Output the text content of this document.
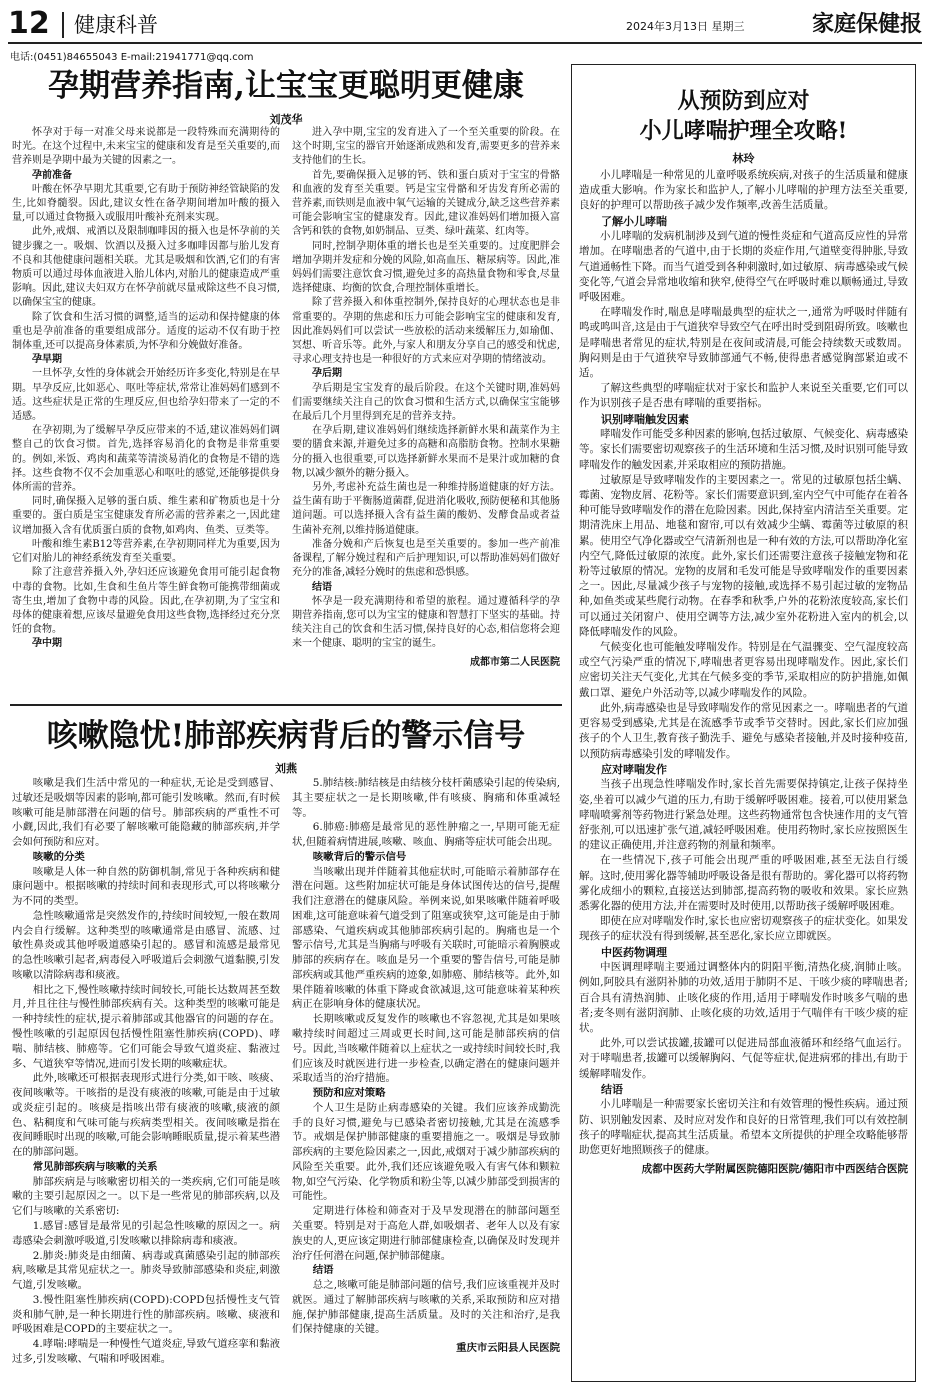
12 健康科普	2024年3月13日 星期三	家庭保健报
电话:(0451)84655043 E-mail:21941771@qq.com
孕期营养指南,让宝宝更聪明更健康
刘茂华

怀孕对于每一对准父母来说都是一段特殊而充满期待的时光。在这个过程中,未来宝宝的健康和发育是至关重要的,而营养则是孕期中最为关键的因素之一。

孕前准备

叶酸在怀孕早期尤其重要,它有助于预防神经管缺陷的发生,比如脊髓裂。因此,建议女性在备孕期间增加叶酸的摄入量,可以通过食物摄入或服用叶酸补充剂来实现。

此外,戒烟、戒酒以及限制咖啡因的摄入也是怀孕前的关键步骤之一。吸烟、饮酒以及摄入过多咖啡因都与胎儿发育不良和其他健康问题相关联。尤其是吸烟和饮酒,它们的有害物质可以通过母体血液进入胎儿体内,对胎儿的健康造成严重影响。因此,建议夫妇双方在怀孕前就尽量戒除这些不良习惯,以确保宝宝的健康。

除了饮食和生活习惯的调整,适当的运动和保持健康的体重也是孕前准备的重要组成部分。适度的运动不仅有助于控制体重,还可以提高身体素质,为怀孕和分娩做好准备。

孕早期

一旦怀孕,女性的身体就会开始经历许多变化,特别是在早期。早孕反应,比如恶心、呕吐等症状,常常让准妈妈们感到不适。这些症状是正常的生理反应,但也给孕妇带来了一定的不适感。

在孕初期,为了缓解早孕反应带来的不适,建议准妈妈们调整自己的饮食习惯。首先,选择容易消化的食物是非常重要的。例如,米饭、鸡肉和蔬菜等清淡易消化的食物是不错的选择。这些食物不仅不会加重恶心和呕吐的感觉,还能够提供身体所需的营养。

同时,确保摄入足够的蛋白质、维生素和矿物质也是十分重要的。蛋白质是宝宝健康发育所必需的营养素之一,因此建议增加摄入含有优质蛋白质的食物,如鸡肉、鱼类、豆类等。

叶酸和维生素B12等营养素,在孕初期同样尤为重要,因为它们对胎儿的神经系统发育至关重要。

除了注意营养摄入外,孕妇还应该避免食用可能引起食物中毒的食物。比如,生食和生鱼片等生鲜食物可能携带细菌或寄生虫,增加了食物中毒的风险。因此,在孕初期,为了宝宝和母体的健康着想,应该尽量避免食用这些食物,选择经过充分烹饪的食物。

孕中期

进入孕中期,宝宝的发育进入了一个至关重要的阶段。在这个时期,宝宝的器官开始逐渐成熟和发育,需要更多的营养来支持他们的生长。

首先,要确保摄入足够的钙、铁和蛋白质对于宝宝的骨骼和血液的发育至关重要。钙是宝宝骨骼和牙齿发育所必需的营养素,而铁则是血液中氧气运输的关键成分,缺乏这些营养素可能会影响宝宝的健康发育。因此,建议准妈妈们增加摄入富含钙和铁的食物,如奶制品、豆类、绿叶蔬菜、红肉等。

同时,控制孕期体重的增长也是至关重要的。过度肥胖会增加孕期并发症和分娩的风险,如高血压、糖尿病等。因此,准妈妈们需要注意饮食习惯,避免过多的高热量食物和零食,尽量选择健康、均衡的饮食,合理控制体重增长。

除了营养摄入和体重控制外,保持良好的心理状态也是非常重要的。孕期的焦虑和压力可能会影响宝宝的健康和发育,因此准妈妈们可以尝试一些放松的活动来缓解压力,如瑜伽、冥想、听音乐等。此外,与家人和朋友分享自己的感受和忧虑,寻求心理支持也是一种很好的方式来应对孕期的情绪波动。

孕后期

孕后期是宝宝发育的最后阶段。在这个关键时期,准妈妈们需要继续关注自己的饮食习惯和生活方式,以确保宝宝能够在最后几个月里得到充足的营养支持。

在孕后期,建议准妈妈们继续选择新鲜水果和蔬菜作为主要的膳食来源,并避免过多的高糖和高脂肪食物。控制水果糖分的摄入也很重要,可以选择新鲜水果而不是果汁或加糖的食物,以减少额外的糖分摄入。

另外,考虑补充益生菌也是一种维持肠道健康的好方法。益生菌有助于平衡肠道菌群,促进消化吸收,预防便秘和其他肠道问题。可以选择摄入含有益生菌的酸奶、发酵食品或者益生菌补充剂,以维持肠道健康。

准备分娩和产后恢复也是至关重要的。参加一些产前准备课程,了解分娩过程和产后护理知识,可以帮助准妈妈们做好充分的准备,减轻分娩时的焦虑和恐惧感。

结语

怀孕是一段充满期待和希望的旅程。通过遵循科学的孕期营养指南,您可以为宝宝的健康和智慧打下坚实的基础。持续关注自己的饮食和生活习惯,保持良好的心态,相信您将会迎来一个健康、聪明的宝宝的诞生。

成都市第二人民医院

咳嗽隐忧!肺部疾病背后的警示信号
刘燕

咳嗽是我们生活中常见的一种症状,无论是受到感冒、过敏还是吸烟等因素的影响,都可能引发咳嗽。然而,有时候咳嗽可能是肺部潜在问题的信号。肺部疾病的严重性不可小觑,因此,我们有必要了解咳嗽可能隐藏的肺部疾病,并学会如何预防和应对。

咳嗽的分类

咳嗽是人体一种自然的防御机制,常见于各种疾病和健康问题中。根据咳嗽的持续时间和表现形式,可以将咳嗽分为不同的类型。

急性咳嗽通常是突然发作的,持续时间较短,一般在数周内会自行缓解。这种类型的咳嗽通常是由感冒、流感、过敏性鼻炎或其他呼吸道感染引起的。感冒和流感是最常见的急性咳嗽引起者,病毒侵入呼吸道后会刺激气道黏膜,引发咳嗽以清除病毒和痰液。

相比之下,慢性咳嗽持续时间较长,可能长达数周甚至数月,并且往往与慢性肺部疾病有关。这种类型的咳嗽可能是一种持续性的症状,提示着肺部或其他器官的问题的存在。慢性咳嗽的引起原因包括慢性阻塞性肺疾病(COPD)、哮喘、肺结核、肺癌等。它们可能会导致气道炎症、黏液过多、气道狭窄等情况,进而引发长期的咳嗽症状。

此外,咳嗽还可根据表现形式进行分类,如干咳、咳痰、夜间咳嗽等。干咳指的是没有痰液的咳嗽,可能是由于过敏或炎症引起的。咳痰是指咳出带有痰液的咳嗽,痰液的颜色、粘稠度和气味可能与疾病类型相关。夜间咳嗽是指在夜间睡眠时出现的咳嗽,可能会影响睡眠质量,提示着某些潜在的肺部问题。

常见肺部疾病与咳嗽的关系

肺部疾病是与咳嗽密切相关的一类疾病,它们可能是咳嗽的主要引起原因之一。以下是一些常见的肺部疾病,以及它们与咳嗽的关系密切:

1.感冒:感冒是最常见的引起急性咳嗽的原因之一。病毒感染会刺激呼吸道,引发咳嗽以排除病毒和痰液。

2.肺炎:肺炎是由细菌、病毒或真菌感染引起的肺部疾病,咳嗽是其常见症状之一。肺炎导致肺部感染和炎症,刺激气道,引发咳嗽。

3.慢性阻塞性肺疾病(COPD):COPD包括慢性支气管炎和肺气肿,是一种长期进行性的肺部疾病。咳嗽、痰液和呼吸困难是COPD的主要症状之一。

4.哮喘:哮喘是一种慢性气道炎症,导致气道痉挛和黏液过多,引发咳嗽、气喘和呼吸困难。

5.肺结核:肺结核是由结核分枝杆菌感染引起的传染病,其主要症状之一是长期咳嗽,伴有咳痰、胸痛和体重减轻等。

6.肺癌:肺癌是最常见的恶性肿瘤之一,早期可能无症状,但随着病情进展,咳嗽、咳血、胸痛等症状可能会出现。

咳嗽背后的警示信号

当咳嗽出现并伴随着其他症状时,可能暗示着肺部存在潜在问题。这些附加症状可能是身体试图传达的信号,提醒我们注意潜在的健康风险。举例来说,如果咳嗽伴随着呼吸困难,这可能意味着气道受到了阻塞或狭窄,这可能是由于肺部感染、气道疾病或其他肺部疾病引起的。胸痛也是一个警示信号,尤其是当胸痛与呼吸有关联时,可能暗示着胸膜或肺部的疾病存在。咳血是另一个重要的警告信号,可能是肺部疾病或其他严重疾病的迹象,如肺癌、肺结核等。此外,如果伴随着咳嗽的体重下降或食欲减退,这可能意味着某种疾病正在影响身体的健康状况。

长期咳嗽或反复发作的咳嗽也不容忽视,尤其是如果咳嗽持续时间超过三周或更长时间,这可能是肺部疾病的信号。因此,当咳嗽伴随着以上症状之一或持续时间较长时,我们应该及时就医进行进一步检查,以确定潜在的健康问题并采取适当的治疗措施。

预防和应对策略

个人卫生是防止病毒感染的关键。我们应该养成勤洗手的良好习惯,避免与已感染者密切接触,尤其是在流感季节。戒烟是保护肺部健康的重要措施之一。吸烟是导致肺部疾病的主要危险因素之一,因此,戒烟对于减少肺部疾病的风险至关重要。此外,我们还应该避免吸入有害气体和颗粒物,如空气污染、化学物质和粉尘等,以减少肺部受到损害的可能性。

定期进行体检和筛查对于及早发现潜在的肺部问题至关重要。特别是对于高危人群,如吸烟者、老年人以及有家族史的人,更应该定期进行肺部健康检查,以确保及时发现并治疗任何潜在问题,保护肺部健康。

结语

总之,咳嗽可能是肺部问题的信号,我们应该重视并及时就医。通过了解肺部疾病与咳嗽的关系,采取预防和应对措施,保护肺部健康,提高生活质量。及时的关注和治疗,是我们保持健康的关键。

重庆市云阳县人民医院

从预防到应对
小儿哮喘护理全攻略!
林玲

小儿哮喘是一种常见的儿童呼吸系统疾病,对孩子的生活质量和健康造成重大影响。作为家长和监护人,了解小儿哮喘的护理方法至关重要,良好的护理可以帮助孩子减少发作频率,改善生活质量。

了解小儿哮喘

小儿哮喘的发病机制涉及到气道的慢性炎症和气道高反应性的异常增加。在哮喘患者的气道中,由于长期的炎症作用,气道壁变得肿胀,导致气道通畅性下降。而当气道受到各种刺激时,如过敏原、病毒感染或气候变化等,气道会异常地收缩和狭窄,使得空气在呼吸时难以顺畅通过,导致呼吸困难。

在哮喘发作时,喘息是哮喘最典型的症状之一,通常为呼吸时伴随有鸣或鸣叫音,这是由于气道狭窄导致空气在呼出时受到阻碍所致。咳嗽也是哮喘患者常见的症状,特别是在夜间或清晨,可能会持续数天或数周。胸闷则是由于气道狭窄导致肺部通气不畅,使得患者感觉胸部紧迫或不适。

了解这些典型的哮喘症状对于家长和监护人来说至关重要,它们可以作为识别孩子是否患有哮喘的重要指标。

识别哮喘触发因素

哮喘发作可能受多种因素的影响,包括过敏原、气候变化、病毒感染等。家长们需要密切观察孩子的生活环境和生活习惯,及时识别可能导致哮喘发作的触发因素,并采取相应的预防措施。

过敏原是导致哮喘发作的主要因素之一。常见的过敏原包括尘螨、霉菌、宠物皮屑、花粉等。家长们需要意识到,室内空气中可能存在着各种可能导致哮喘发作的潜在危险因素。因此,保持室内清洁至关重要。定期清洗床上用品、地毯和窗帘,可以有效减少尘螨、霉菌等过敏原的积累。使用空气净化器或空气清新剂也是一种有效的方法,可以帮助净化室内空气,降低过敏原的浓度。此外,家长们还需要注意孩子接触宠物和花粉等过敏原的情况。宠物的皮屑和毛发可能是导致哮喘发作的重要因素之一。因此,尽量减少孩子与宠物的接触,或选择不易引起过敏的宠物品种,如鱼类或某些爬行动物。在春季和秋季,户外的花粉浓度较高,家长们可以通过关闭窗户、使用空调等方法,减少室外花粉进入室内的机会,以降低哮喘发作的风险。

气候变化也可能触发哮喘发作。特别是在气温骤变、空气湿度较高或空气污染严重的情况下,哮喘患者更容易出现哮喘发作。因此,家长们应密切关注天气变化,尤其在气候多变的季节,采取相应的防护措施,如佩戴口罩、避免户外活动等,以减少哮喘发作的风险。

此外,病毒感染也是导致哮喘发作的常见因素之一。哮喘患者的气道更容易受到感染,尤其是在流感季节或季节交替时。因此,家长们应加强孩子的个人卫生,教育孩子勤洗手、避免与感染者接触,并及时接种疫苗,以预防病毒感染引发的哮喘发作。

应对哮喘发作

当孩子出现急性哮喘发作时,家长首先需要保持镇定,让孩子保持坐姿,坐着可以减少气道的压力,有助于缓解呼吸困难。接着,可以使用紧急哮喘喷雾剂等药物进行紧急处理。这些药物通常包含快速作用的支气管舒张剂,可以迅速扩张气道,减轻呼吸困难。使用药物时,家长应按照医生的建议正确使用,并注意药物的剂量和频率。

在一些情况下,孩子可能会出现严重的呼吸困难,甚至无法自行缓解。这时,使用雾化器等辅助呼吸设备是很有帮助的。雾化器可以将药物雾化成细小的颗粒,直接送达到肺部,提高药物的吸收和效果。家长应熟悉雾化器的使用方法,并在需要时及时使用,以帮助孩子缓解呼吸困难。

即使在应对哮喘发作时,家长也应密切观察孩子的症状变化。如果发现孩子的症状没有得到缓解,甚至恶化,家长应立即就医。

中医药物调理

中医调理哮喘主要通过调整体内的阴阳平衡,清热化痰,润肺止咳。例如,阿胶具有滋阴补肺的功效,适用于肺阴不足、干咳少痰的哮喘患者;百合具有清热润肺、止咳化痰的作用,适用于哮喘发作时咳多气喘的患者;麦冬则有滋阴润肺、止咳化痰的功效,适用于气喘伴有干咳少痰的症状。

此外,可以尝试拔罐,拔罐可以促进局部血液循环和经络气血运行。对于哮喘患者,拔罐可以缓解胸闷、气促等症状,促进病邪的排出,有助于缓解哮喘发作。

结语

小儿哮喘是一种需要家长密切关注和有效管理的慢性疾病。通过预防、识别触发因素、及时应对发作和良好的日常管理,我们可以有效控制孩子的哮喘症状,提高其生活质量。希望本文所提供的护理全攻略能够帮助您更好地照顾孩子的健康。

成都中医药大学附属医院德阳医院/德阳市中西医结合医院
